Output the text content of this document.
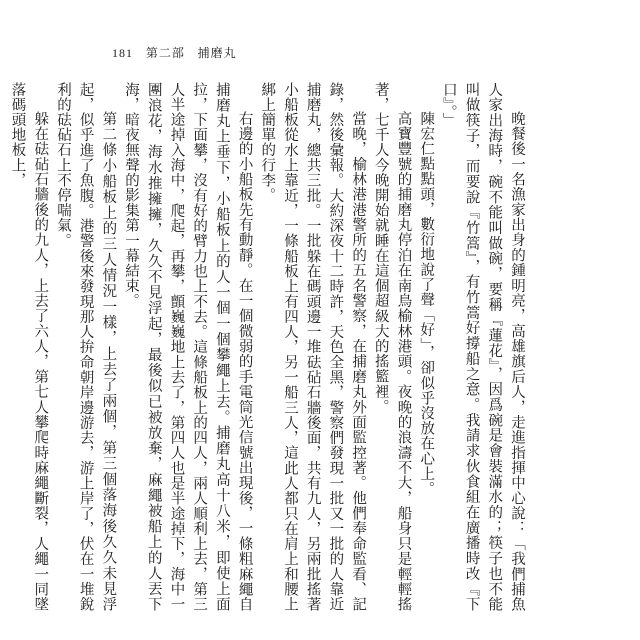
181 第二部 捕磨丸

晚餐後一名漁家出身的鍾明亮，高雄旗后人，走進指揮中心說：「我們捕魚人家出海時，碗不能叫做碗，要稱『蓮花』，因爲碗是會裝滿水的；筷子也不能叫做筷子，而要說『竹篙』，有竹篙好撐船之意。我請求伙食組在廣播時改『下口』。」

陳宏仁點點頭，數衍地說了聲「好」，卻似乎沒放在心上。

高寶豐號的捕磨丸停泊在南鳥榆林港頭。夜晚的浪濤不大，船身只是輕輕搖著，七千人今晚開始就睡在這個超級大的搖籃裡。

當晚，榆林港港警所的五名警察，在捕磨丸外面監控著。他們奉命監看、記錄，然後彙報。大約深夜十二時許，天色全黑，警察們發現一批又一批的人靠近捕磨丸，總共三批。一批躲在碼頭邊一堆砝砧石牆後面，共有九人，另兩批搖著小船板從水上靠近，一條船板上有四人，另一船三人，這此人都只在肩上和腰上綁上簡單的行李。

右邊的小船板先有動靜。在一個微弱的手電筒光信號出現後，一條粗麻繩自捕磨丸上垂下，小船板上的人一個一個攀繩上去。捕磨丸高十八米，即使上面拉，下面攀，沒有好的臂力也上不去。這條船板上的四人，兩人順利上去，第三人半途掉入海中，爬起，再攀，顫巍巍地上去了，第四人也是半途掉下，海中一團浪花，海水推擁擁，久久不見浮起，最後似已被放棄，麻繩被船上的人丟下海，暗夜無聲的影集第一幕結束。

第二條小船板上的三人情況一樣，上去了兩個，第三個落海後久久未見浮起，似乎進了魚腹。港警後來發現那人拚命朝岸邊游去，游上岸了，伏在一堆銳利的砝砧石上不停喘氣。

躲在砝砧石牆後的九人，上去了六人，第七人攀爬時麻繩斷裂，人繩一同墜落碼頭地板上，
